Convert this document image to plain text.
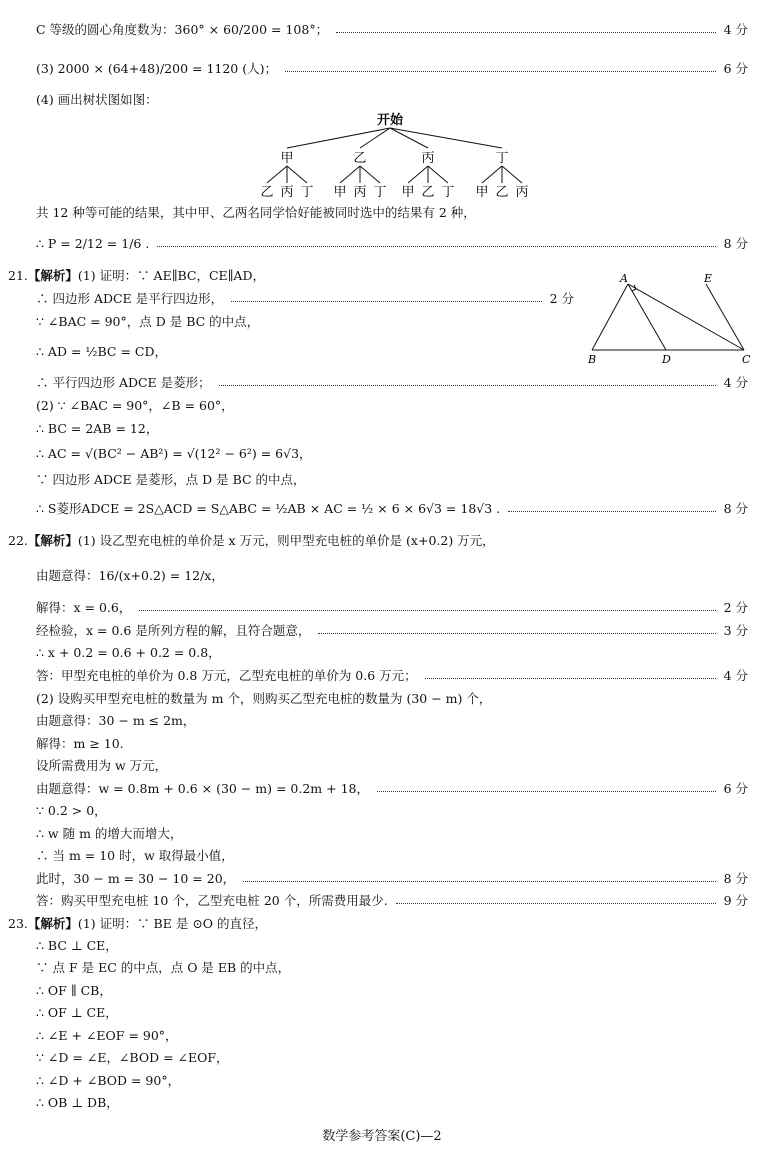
C 等级的圆心角度数为：360° × 60/200 = 108°；	4 分
(3) 2000 × (64+48)/200 = 1120 (人)；	6 分
(4) 画出树状图如图：
开始
甲	乙	丙	丁
乙 丙 丁 甲 丙 丁 甲 乙 丁 甲 乙 丙
共 12 种等可能的结果，其中甲、乙两名同学恰好能被同时选中的结果有 2 种，
∴ P = 2/12 = 1/6 .	8 分
21.【解析】(1) 证明：∵ AE∥BC，CE∥AD，
∴ 四边形 ADCE 是平行四边形，	2 分
∵ ∠BAC = 90°，点 D 是 BC 的中点，
∴ AD = ½BC = CD，
A	E
B	D	C
∴ 平行四边形 ADCE 是菱形；	4 分
(2) ∵ ∠BAC = 90°，∠B = 60°，
∴ BC = 2AB = 12，
∴ AC = √(BC² − AB²) = √(12² − 6²) = 6√3，
∵ 四边形 ADCE 是菱形，点 D 是 BC 的中点，
∴ S菱形ADCE = 2S△ACD = S△ABC = ½AB × AC = ½ × 6 × 6√3 = 18√3 .	8 分
22.【解析】(1) 设乙型充电桩的单价是 x 万元，则甲型充电桩的单价是 (x+0.2) 万元，
由题意得：16/(x+0.2) = 12/x，
解得：x = 0.6，	2 分
经检验，x = 0.6 是所列方程的解，且符合题意，	3 分
∴ x + 0.2 = 0.6 + 0.2 = 0.8，
答：甲型充电桩的单价为 0.8 万元，乙型充电桩的单价为 0.6 万元；	4 分
(2) 设购买甲型充电桩的数量为 m 个，则购买乙型充电桩的数量为 (30 − m) 个，
由题意得：30 − m ≤ 2m，
解得：m ≥ 10.
设所需费用为 w 万元，
由题意得：w = 0.8m + 0.6 × (30 − m) = 0.2m + 18，	6 分
∵ 0.2 > 0，
∴ w 随 m 的增大而增大，
∴ 当 m = 10 时，w 取得最小值，
此时，30 − m = 30 − 10 = 20，	8 分
答：购买甲型充电桩 10 个，乙型充电桩 20 个，所需费用最少.	9 分
23.【解析】(1) 证明：∵ BE 是 ⊙O 的直径，
∴ BC ⊥ CE，
∵ 点 F 是 EC 的中点，点 O 是 EB 的中点，
∴ OF ∥ CB，
∴ OF ⊥ CE，
∴ ∠E + ∠EOF = 90°，
∵ ∠D = ∠E，∠BOD = ∠EOF，
∴ ∠D + ∠BOD = 90°，
∴ OB ⊥ DB，
数学参考答案(C)—2
